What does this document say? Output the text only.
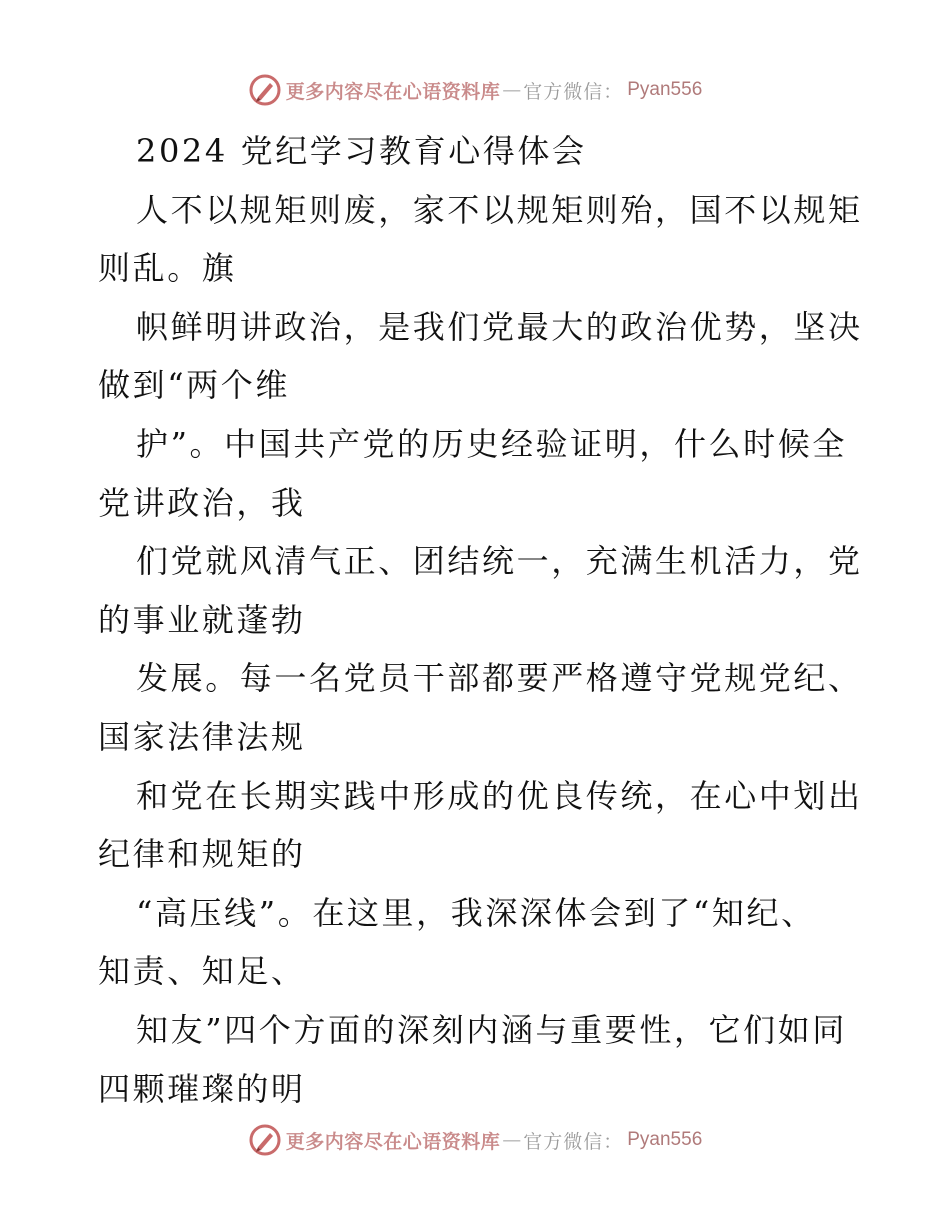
更多内容尽在心语资料库 — 官方微信： Pyan556
2024 党纪学习教育心得体会
人不以规矩则废，家不以规矩则殆，国不以规矩
则乱。旗
帜鲜明讲政治，是我们党最大的政治优势，坚决
做到“两个维
护”。中国共产党的历史经验证明，什么时候全
党讲政治，我
们党就风清气正、团结统一，充满生机活力，党
的事业就蓬勃
发展。每一名党员干部都要严格遵守党规党纪、
国家法律法规
和党在长期实践中形成的优良传统，在心中划出
纪律和规矩的
“高压线”。在这里，我深深体会到了“知纪、
知责、知足、
知友”四个方面的深刻内涵与重要性，它们如同
四颗璀璨的明
更多内容尽在心语资料库 — 官方微信： Pyan556
